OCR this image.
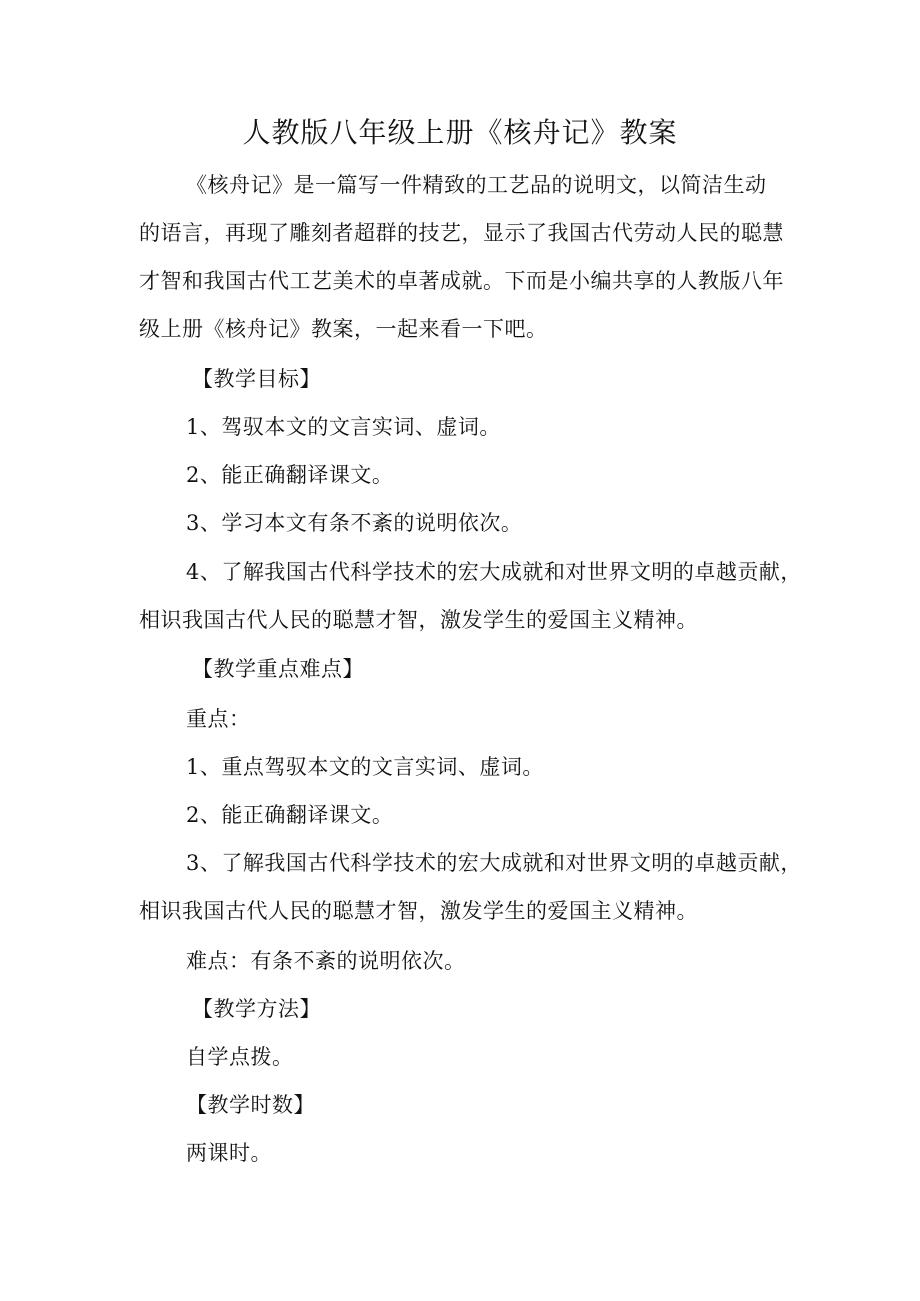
人教版八年级上册《核舟记》教案
《核舟记》是一篇写一件精致的工艺品的说明文，以简洁生动
的语言，再现了雕刻者超群的技艺，显示了我国古代劳动人民的聪慧
才智和我国古代工艺美术的卓著成就。下而是小编共享的人教版八年
级上册《核舟记》教案，一起来看一下吧。
【教学目标】
1、驾驭本文的文言实词、虚词。
2、能正确翻译课文。
3、学习本文有条不紊的说明依次。
4、了解我国古代科学技术的宏大成就和对世界文明的卓越贡献，
相识我国古代人民的聪慧才智，激发学生的爱国主义精神。
【教学重点难点】
重点：
1、重点驾驭本文的文言实词、虚词。
2、能正确翻译课文。
3、了解我国古代科学技术的宏大成就和对世界文明的卓越贡献，
相识我国古代人民的聪慧才智，激发学生的爱国主义精神。
难点：有条不紊的说明依次。
【教学方法】
自学点拨。
【教学时数】
两课时。
